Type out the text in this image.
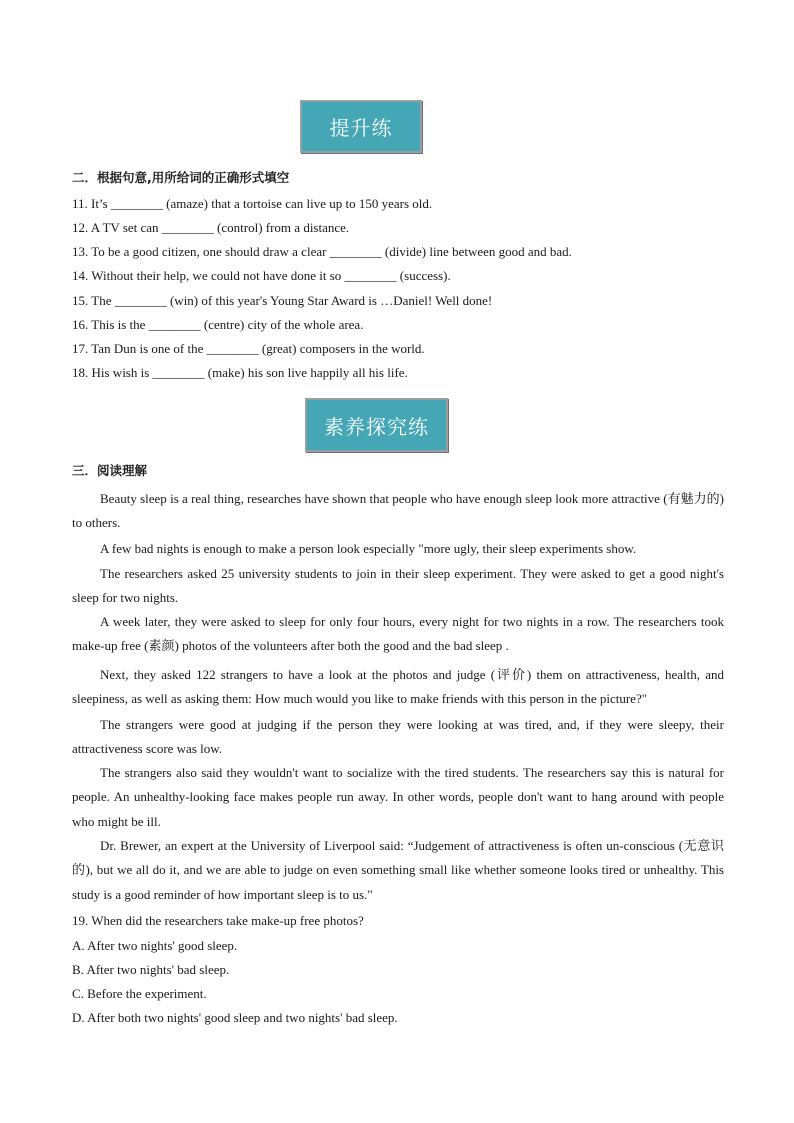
提升练
二．根据句意,用所给词的正确形式填空
11. It’s ________ (amaze) that a tortoise can live up to 150 years old.
12. A TV set can ________ (control) from a distance.
13. To be a good citizen, one should draw a clear ________ (divide) line between good and bad.
14. Without their help, we could not have done it so ________ (success).
15. The ________ (win) of this year's Young Star Award is …Daniel! Well done!
16. This is the ________ (centre) city of the whole area.
17. Tan Dun is one of the ________ (great) composers in the world.
18. His wish is ________ (make) his son live happily all his life.
素养探究练
三．阅读理解
Beauty sleep is a real thing, researches have shown that people who have enough sleep look more attractive (有魅力的) to others.
A few bad nights is enough to make a person look especially "more ugly, their sleep experiments show.
The researchers asked 25 university students to join in their sleep experiment. They were asked to get a good night's sleep for two nights.
A week later, they were asked to sleep for only four hours, every night for two nights in a row. The researchers took make-up free (素颜) photos of the volunteers after both the good and the bad sleep .
Next, they asked 122 strangers to have a look at the photos and judge (评价) them on attractiveness, health, and sleepiness, as well as asking them: How much would you like to make friends with this person in the picture?"
The strangers were good at judging if the person they were looking at was tired, and, if they were sleepy, their attractiveness score was low.
The strangers also said they wouldn't want to socialize with the tired students. The researchers say this is natural for people. An unhealthy-looking face makes people run away. In other words, people don't want to hang around with people who might be ill.
Dr. Brewer, an expert at the University of Liverpool said: “Judgement of attractiveness is often un-conscious (无意识的), but we all do it, and we are able to judge on even something small like whether someone looks tired or unhealthy. This study is a good reminder of how important sleep is to us."
19. When did the researchers take make-up free photos?
A. After two nights' good sleep.
B. After two nights' bad sleep.
C. Before the experiment.
D. After both two nights' good sleep and two nights' bad sleep.
